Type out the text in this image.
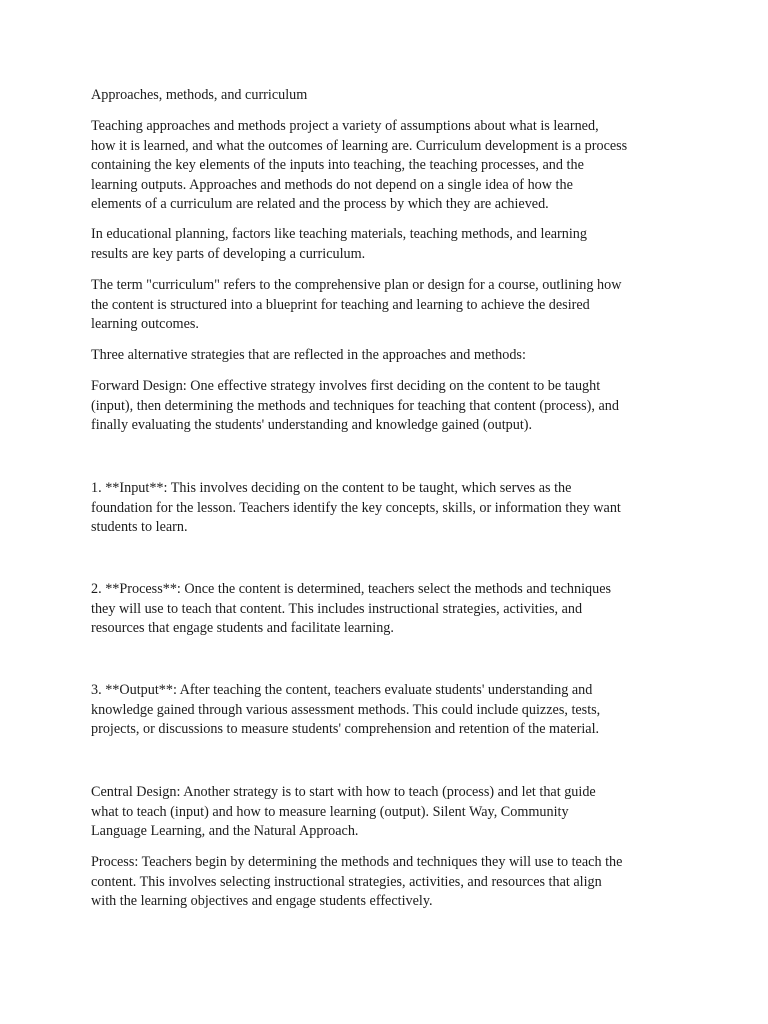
Approaches, methods, and curriculum
Teaching approaches and methods project a variety of assumptions about what is learned,
how it is learned, and what the outcomes of learning are. Curriculum development is a process
containing the key elements of the inputs into teaching, the teaching processes, and the
learning outputs. Approaches and methods do not depend on a single idea of how the
elements of a curriculum are related and the process by which they are achieved.
In educational planning, factors like teaching materials, teaching methods, and learning
results are key parts of developing a curriculum.
The term "curriculum" refers to the comprehensive plan or design for a course, outlining how
the content is structured into a blueprint for teaching and learning to achieve the desired
learning outcomes.
Three alternative strategies that are reflected in the approaches and methods:
Forward Design: One effective strategy involves first deciding on the content to be taught
(input), then determining the methods and techniques for teaching that content (process), and
finally evaluating the students' understanding and knowledge gained (output).
1. **Input**: This involves deciding on the content to be taught, which serves as the
foundation for the lesson. Teachers identify the key concepts, skills, or information they want
students to learn.
2. **Process**: Once the content is determined, teachers select the methods and techniques
they will use to teach that content. This includes instructional strategies, activities, and
resources that engage students and facilitate learning.
3. **Output**: After teaching the content, teachers evaluate students' understanding and
knowledge gained through various assessment methods. This could include quizzes, tests,
projects, or discussions to measure students' comprehension and retention of the material.
Central Design: Another strategy is to start with how to teach (process) and let that guide
what to teach (input) and how to measure learning (output). Silent Way, Community
Language Learning, and the Natural Approach.
Process: Teachers begin by determining the methods and techniques they will use to teach the
content. This involves selecting instructional strategies, activities, and resources that align
with the learning objectives and engage students effectively.
